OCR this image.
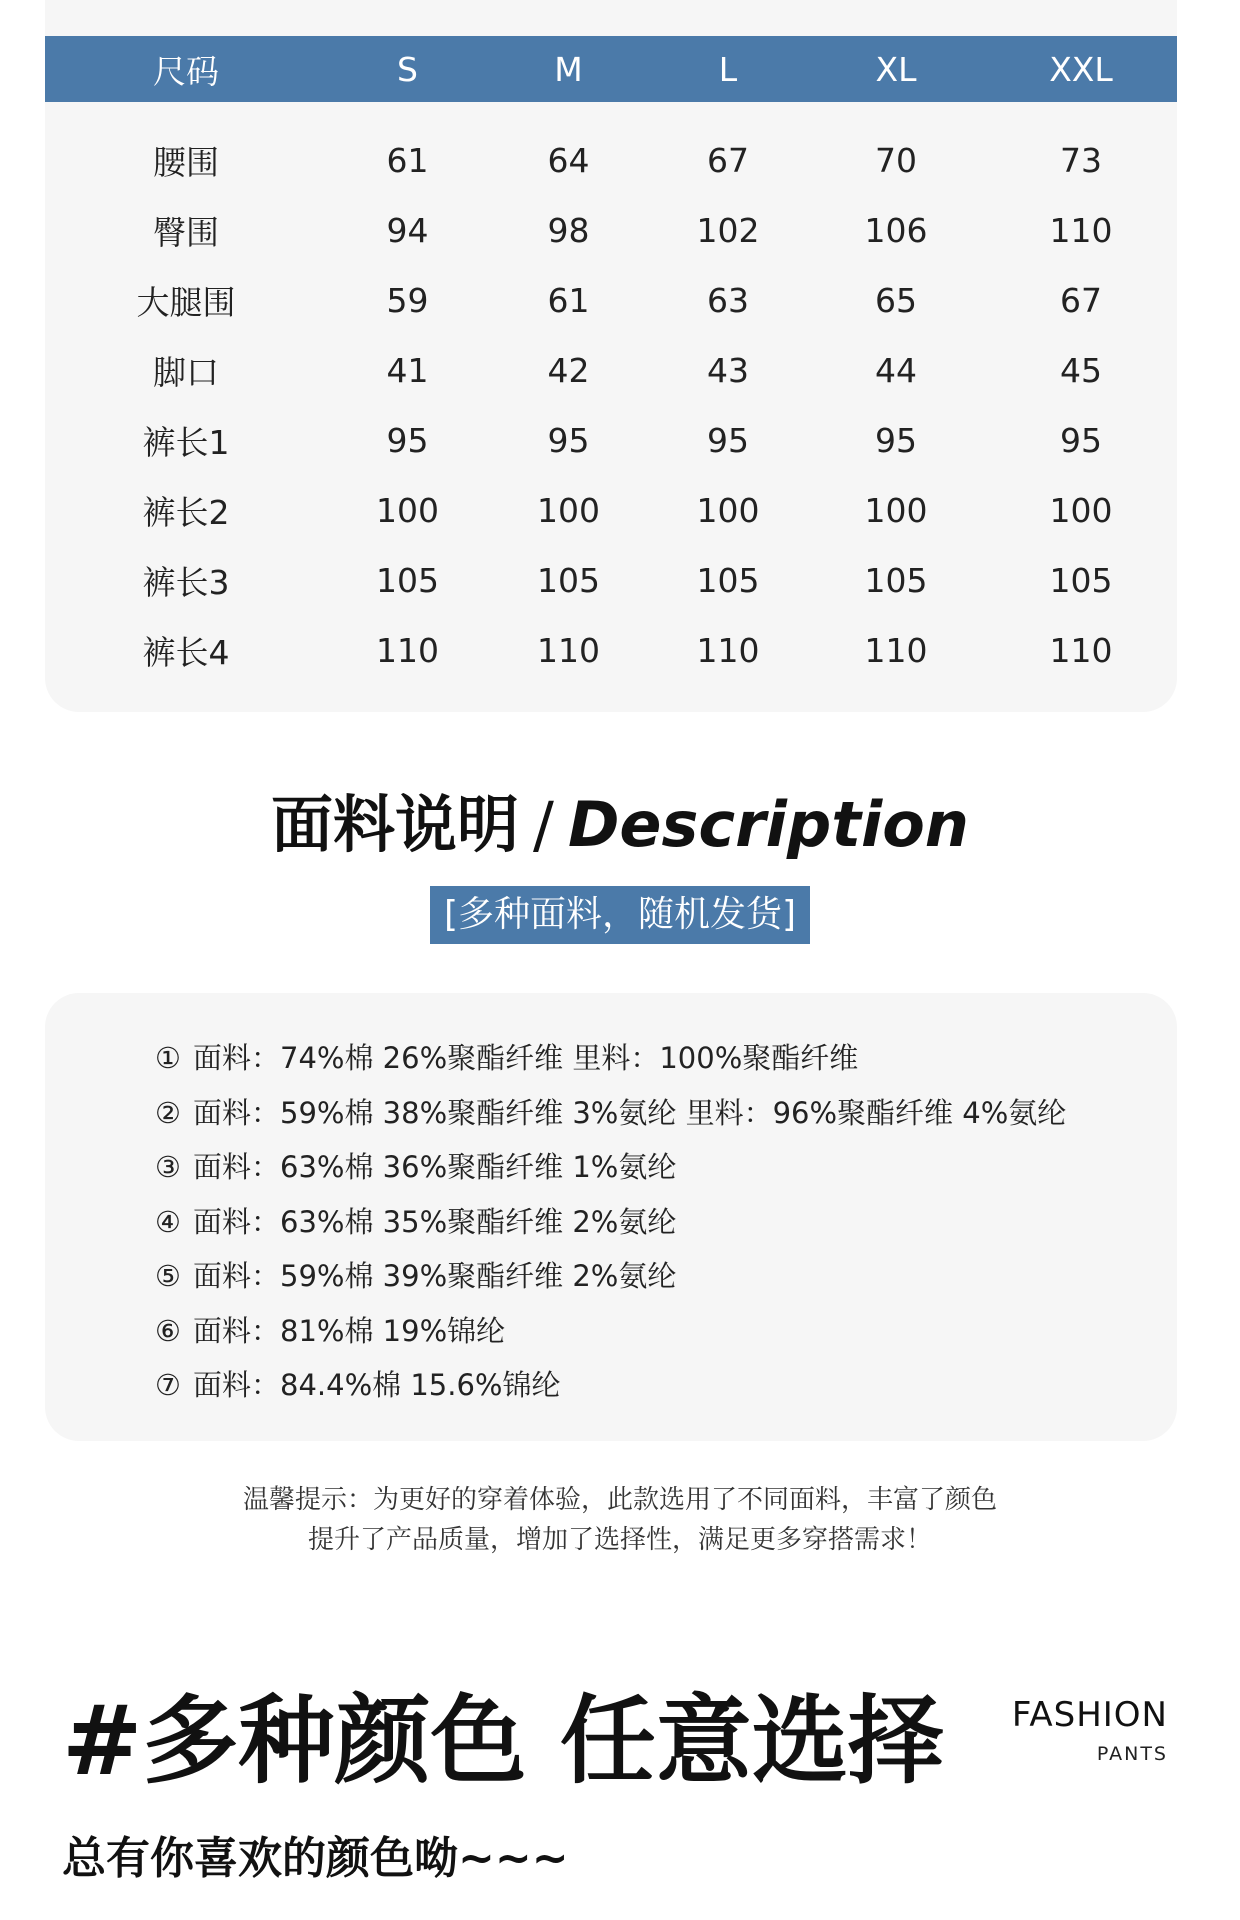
尺码	S	M	L	XL	XXL
腰围	61	64	67	70	73
臀围	94	98	102	106	110
大腿围	59	61	63	65	67
脚口	41	42	43	44	45
裤长1	95	95	95	95	95
裤长2	100	100	100	100	100
裤长3	105	105	105	105	105
裤长4	110	110	110	110	110
面料说明 / Description
[多种面料，随机发货]
① 面料：74%棉 26%聚酯纤维 里料：100%聚酯纤维
② 面料：59%棉 38%聚酯纤维 3%氨纶 里料：96%聚酯纤维 4%氨纶
③ 面料：63%棉 36%聚酯纤维 1%氨纶
④ 面料：63%棉 35%聚酯纤维 2%氨纶
⑤ 面料：59%棉 39%聚酯纤维 2%氨纶
⑥ 面料：81%棉 19%锦纶
⑦ 面料：84.4%棉 15.6%锦纶
温馨提示：为更好的穿着体验，此款选用了不同面料，丰富了颜色
提升了产品质量，增加了选择性，满足更多穿搭需求！
#多种颜色 任意选择 FASHION
PANTS
总有你喜欢的颜色呦~~~
